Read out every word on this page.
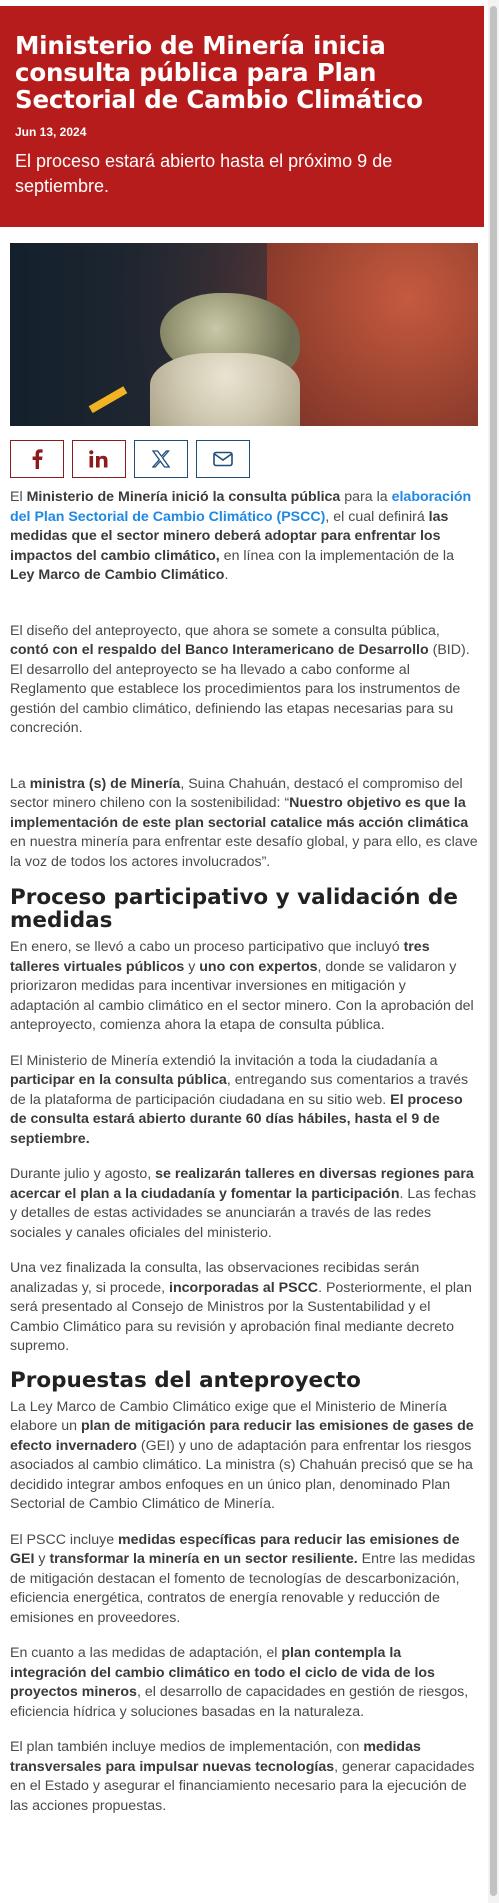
Ministerio de Minería inicia consulta pública para Plan Sectorial de Cambio Climático
Jun 13, 2024
El proceso estará abierto hasta el próximo 9 de septiembre.

El Ministerio de Minería inició la consulta pública para la elaboración del Plan Sectorial de Cambio Climático (PSCC), el cual definirá las medidas que el sector minero deberá adoptar para enfrentar los impactos del cambio climático, en línea con la implementación de la Ley Marco de Cambio Climático.

El diseño del anteproyecto, que ahora se somete a consulta pública, contó con el respaldo del Banco Interamericano de Desarrollo (BID). El desarrollo del anteproyecto se ha llevado a cabo conforme al Reglamento que establece los procedimientos para los instrumentos de gestión del cambio climático, definiendo las etapas necesarias para su concreción.

La ministra (s) de Minería, Suina Chahuán, destacó el compromiso del sector minero chileno con la sostenibilidad: “Nuestro objetivo es que la implementación de este plan sectorial catalice más acción climática en nuestra minería para enfrentar este desafío global, y para ello, es clave la voz de todos los actores involucrados”.

Proceso participativo y validación de medidas

En enero, se llevó a cabo un proceso participativo que incluyó tres talleres virtuales públicos y uno con expertos, donde se validaron y priorizaron medidas para incentivar inversiones en mitigación y adaptación al cambio climático en el sector minero. Con la aprobación del anteproyecto, comienza ahora la etapa de consulta pública.

El Ministerio de Minería extendió la invitación a toda la ciudadanía a participar en la consulta pública, entregando sus comentarios a través de la plataforma de participación ciudadana en su sitio web. El proceso de consulta estará abierto durante 60 días hábiles, hasta el 9 de septiembre.

Durante julio y agosto, se realizarán talleres en diversas regiones para acercar el plan a la ciudadanía y fomentar la participación. Las fechas y detalles de estas actividades se anunciarán a través de las redes sociales y canales oficiales del ministerio.

Una vez finalizada la consulta, las observaciones recibidas serán analizadas y, si procede, incorporadas al PSCC. Posteriormente, el plan será presentado al Consejo de Ministros por la Sustentabilidad y el Cambio Climático para su revisión y aprobación final mediante decreto supremo.

Propuestas del anteproyecto

La Ley Marco de Cambio Climático exige que el Ministerio de Minería elabore un plan de mitigación para reducir las emisiones de gases de efecto invernadero (GEI) y uno de adaptación para enfrentar los riesgos asociados al cambio climático. La ministra (s) Chahuán precisó que se ha decidido integrar ambos enfoques en un único plan, denominado Plan Sectorial de Cambio Climático de Minería.

El PSCC incluye medidas específicas para reducir las emisiones de GEI y transformar la minería en un sector resiliente. Entre las medidas de mitigación destacan el fomento de tecnologías de descarbonización, eficiencia energética, contratos de energía renovable y reducción de emisiones en proveedores.

En cuanto a las medidas de adaptación, el plan contempla la integración del cambio climático en todo el ciclo de vida de los proyectos mineros, el desarrollo de capacidades en gestión de riesgos, eficiencia hídrica y soluciones basadas en la naturaleza.

El plan también incluye medios de implementación, con medidas transversales para impulsar nuevas tecnologías, generar capacidades en el Estado y asegurar el financiamiento necesario para la ejecución de las acciones propuestas.
